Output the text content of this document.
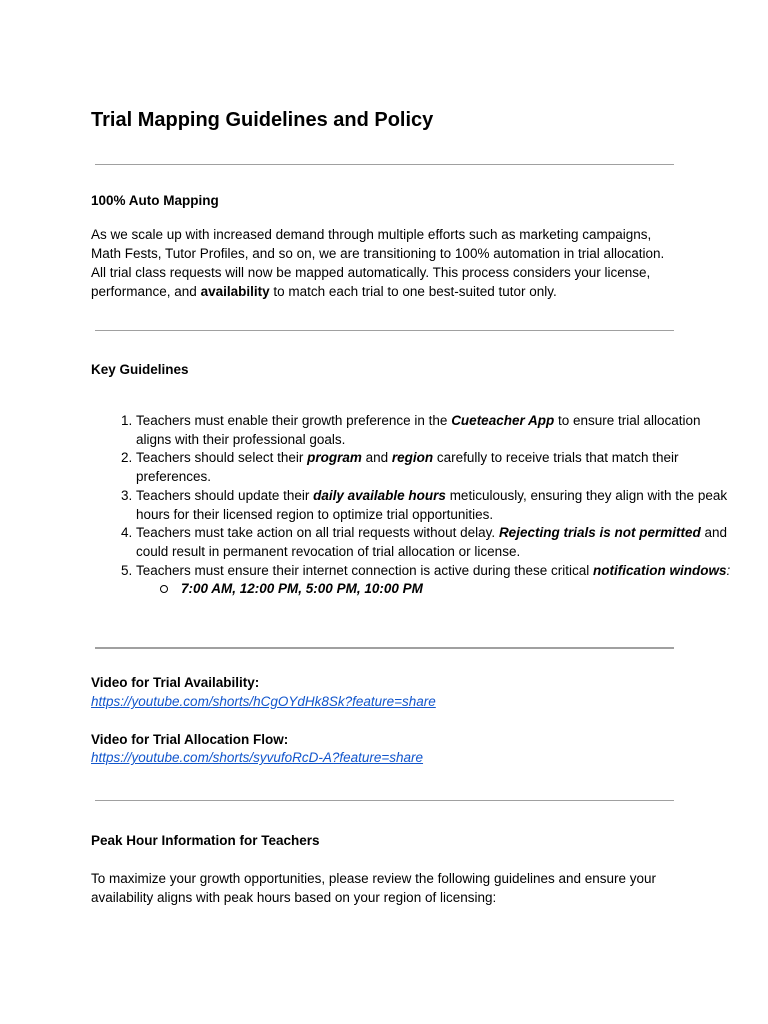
Trial Mapping Guidelines and Policy
100% Auto Mapping

As we scale up with increased demand through multiple efforts such as marketing campaigns, Math Fests, Tutor Profiles, and so on, we are transitioning to 100% automation in trial allocation. All trial class requests will now be mapped automatically. This process considers your license, performance, and availability to match each trial to one best-suited tutor only.

Key Guidelines
1. Teachers must enable their growth preference in the Cueteacher App to ensure trial allocation aligns with their professional goals.
2. Teachers should select their program and region carefully to receive trials that match their preferences.
3. Teachers should update their daily available hours meticulously, ensuring they align with the peak hours for their licensed region to optimize trial opportunities.
4. Teachers must take action on all trial requests without delay. Rejecting trials is not permitted and could result in permanent revocation of trial allocation or license.
5. Teachers must ensure their internet connection is active during these critical notification windows:
7:00 AM, 12:00 PM, 5:00 PM, 10:00 PM
Video for Trial Availability:
https://youtube.com/shorts/hCgOYdHk8Sk?feature=share
Video for Trial Allocation Flow:
https://youtube.com/shorts/syvufoRcD-A?feature=share
Peak Hour Information for Teachers

To maximize your growth opportunities, please review the following guidelines and ensure your availability aligns with peak hours based on your region of licensing:
